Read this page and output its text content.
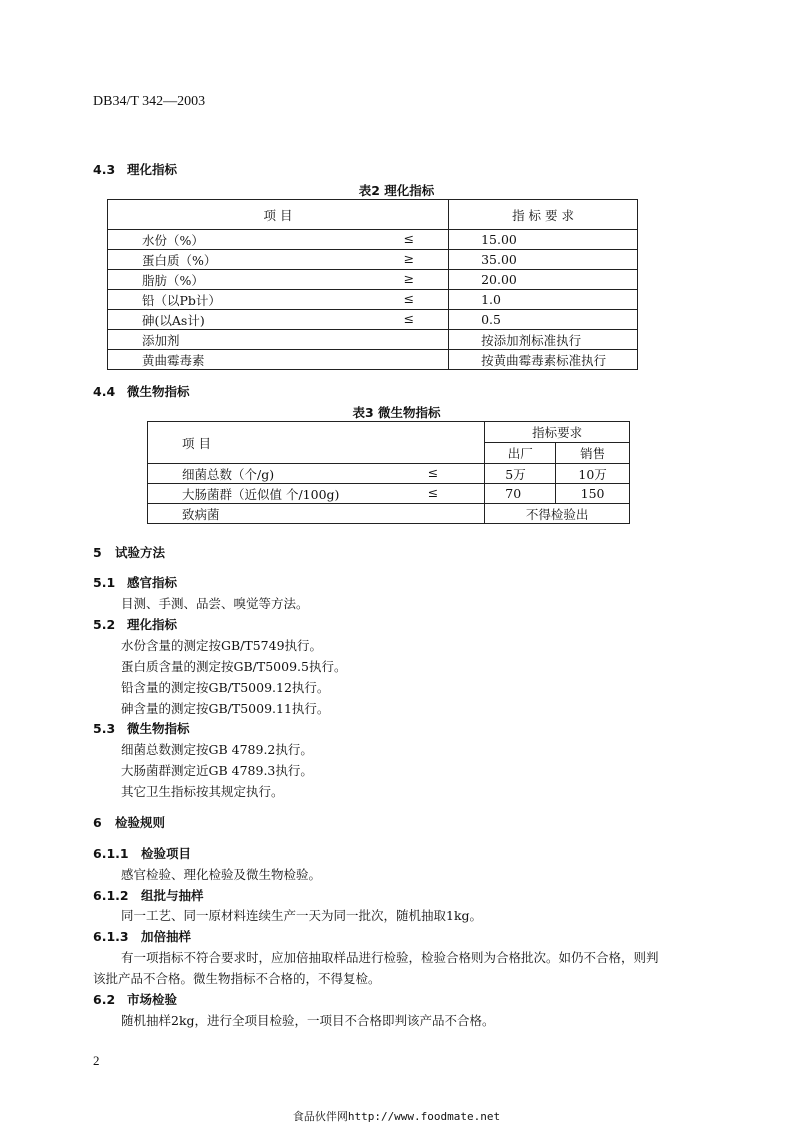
DB34/T 342—2003
4.3 理化指标
表2 理化指标
项 目	指 标 要 求
水份（%） ≤	15.00
蛋白质（%） ≥	35.00
脂肪（%） ≥	20.00
铅（以Pb计） ≤	1.0
砷(以As计) ≤	0.5
添加剂	按添加剂标准执行
黄曲霉毒素	按黄曲霉毒素标准执行
4.4 微生物指标
表3 微生物指标
项 目	指标要求	
	出厂	销售
细菌总数（个/g) ≤	5万	10万
大肠菌群（近似值 个/100g) ≤	70	150
致病菌	不得检验出	
5 试验方法
5.1 感官指标
目测、手测、品尝、嗅觉等方法。
5.2 理化指标
水份含量的测定按GB/T5749执行。
蛋白质含量的测定按GB/T5009.5执行。
铅含量的测定按GB/T5009.12执行。
砷含量的测定按GB/T5009.11执行。
5.3 微生物指标
细菌总数测定按GB 4789.2执行。
大肠菌群测定近GB 4789.3执行。
其它卫生指标按其规定执行。
6 检验规则
6.1.1 检验项目
感官检验、理化检验及微生物检验。
6.1.2 组批与抽样
同一工艺、同一原材料连续生产一天为同一批次，随机抽取1kg。
6.1.3 加倍抽样
有一项指标不符合要求时，应加倍抽取样品进行检验，检验合格则为合格批次。如仍不合格，则判
该批产品不合格。微生物指标不合格的，不得复检。
6.2 市场检验
随机抽样2kg，进行全项目检验，一项目不合格即判该产品不合格。
2
食品伙伴网http://www.foodmate.net
